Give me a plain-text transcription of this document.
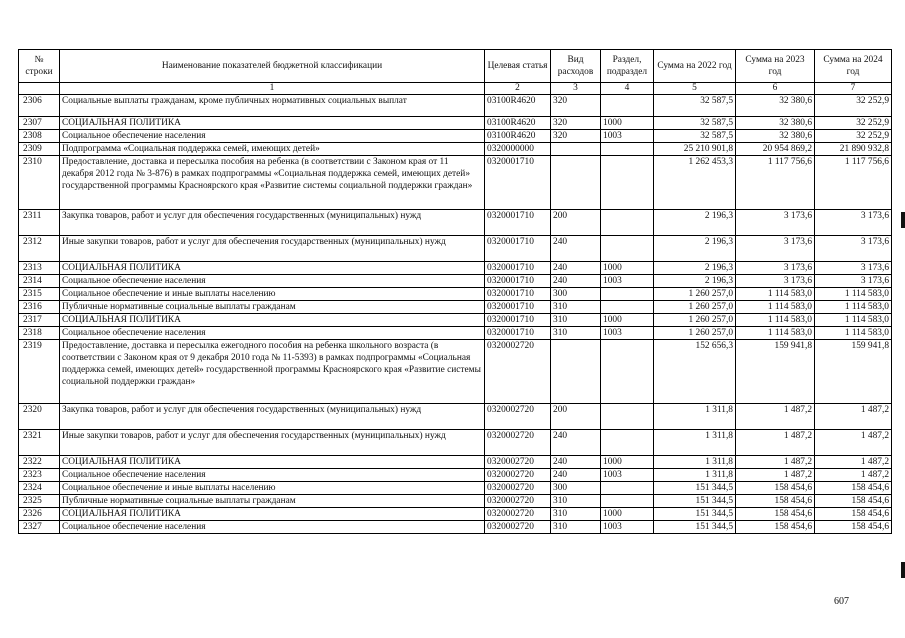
№ строки	Наименование показателей бюджетной классификации	Целевая статья	Вид расходов	Раздел, подраздел	Сумма на 2022 год	Сумма на 2023 год	Сумма на 2024 год
	1	2	3	4	5	6	7
2306	Социальные выплаты гражданам, кроме публичных нормативных социальных выплат	03100R4620	320		32 587,5	32 380,6	32 252,9
2307	СОЦИАЛЬНАЯ ПОЛИТИКА	03100R4620	320	1000	32 587,5	32 380,6	32 252,9
2308	Социальное обеспечение населения	03100R4620	320	1003	32 587,5	32 380,6	32 252,9
2309	Подпрограмма «Социальная поддержка семей, имеющих детей»	0320000000			25 210 901,8	20 954 869,2	21 890 932,8
2310	Предоставление, доставка и пересылка пособия на ребенка (в соответствии с Законом края от 11 декабря 2012 года № 3-876) в рамках подпрограммы «Социальная поддержка семей, имеющих детей» государственной программы Красноярского края «Развитие системы социальной поддержки граждан»	0320001710			1 262 453,3	1 117 756,6	1 117 756,6
2311	Закупка товаров, работ и услуг для обеспечения государственных (муниципальных) нужд	0320001710	200		2 196,3	3 173,6	3 173,6
2312	Иные закупки товаров, работ и услуг для обеспечения государственных (муниципальных) нужд	0320001710	240		2 196,3	3 173,6	3 173,6
2313	СОЦИАЛЬНАЯ ПОЛИТИКА	0320001710	240	1000	2 196,3	3 173,6	3 173,6
2314	Социальное обеспечение населения	0320001710	240	1003	2 196,3	3 173,6	3 173,6
2315	Социальное обеспечение и иные выплаты населению	0320001710	300		1 260 257,0	1 114 583,0	1 114 583,0
2316	Публичные нормативные социальные выплаты гражданам	0320001710	310		1 260 257,0	1 114 583,0	1 114 583,0
2317	СОЦИАЛЬНАЯ ПОЛИТИКА	0320001710	310	1000	1 260 257,0	1 114 583,0	1 114 583,0
2318	Социальное обеспечение населения	0320001710	310	1003	1 260 257,0	1 114 583,0	1 114 583,0
2319	Предоставление, доставка и пересылка ежегодного пособия на ребенка школьного возраста (в соответствии с Законом края от 9 декабря 2010 года № 11-5393) в рамках подпрограммы «Социальная поддержка семей, имеющих детей» государственной программы Красноярского края «Развитие системы социальной поддержки граждан»	0320002720			152 656,3	159 941,8	159 941,8
2320	Закупка товаров, работ и услуг для обеспечения государственных (муниципальных) нужд	0320002720	200		1 311,8	1 487,2	1 487,2
2321	Иные закупки товаров, работ и услуг для обеспечения государственных (муниципальных) нужд	0320002720	240		1 311,8	1 487,2	1 487,2
2322	СОЦИАЛЬНАЯ ПОЛИТИКА	0320002720	240	1000	1 311,8	1 487,2	1 487,2
2323	Социальное обеспечение населения	0320002720	240	1003	1 311,8	1 487,2	1 487,2
2324	Социальное обеспечение и иные выплаты населению	0320002720	300		151 344,5	158 454,6	158 454,6
2325	Публичные нормативные социальные выплаты гражданам	0320002720	310		151 344,5	158 454,6	158 454,6
2326	СОЦИАЛЬНАЯ ПОЛИТИКА	0320002720	310	1000	151 344,5	158 454,6	158 454,6
2327	Социальное обеспечение населения	0320002720	310	1003	151 344,5	158 454,6	158 454,6
607
